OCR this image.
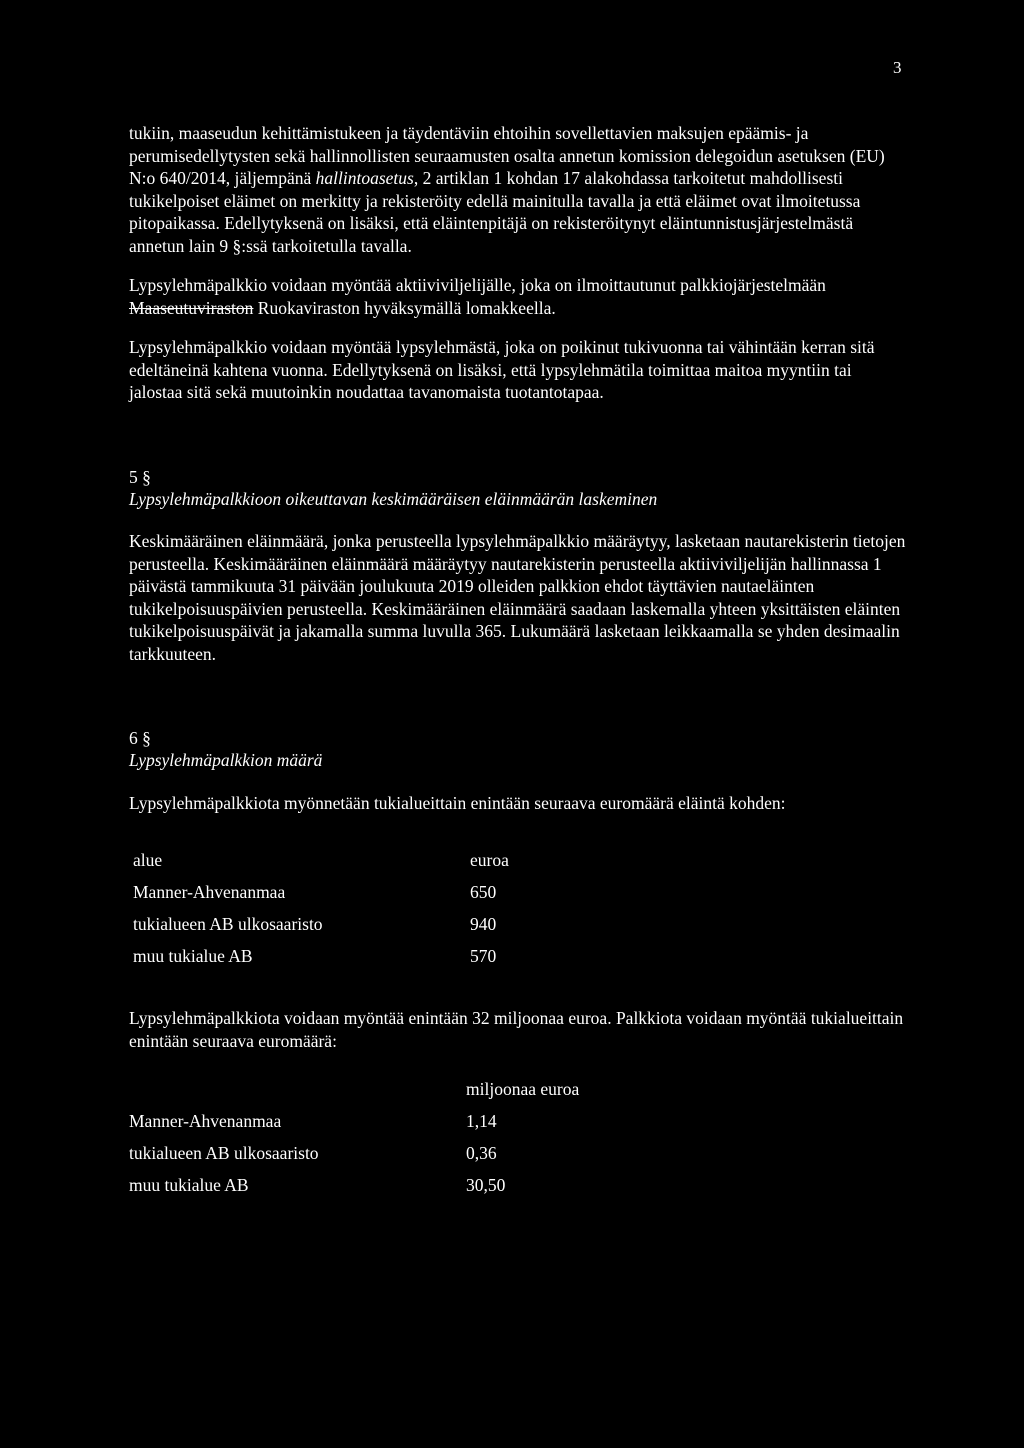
3

tukiin, maaseudun kehittämistukeen ja täydentäviin ehtoihin sovellettavien maksujen epäämis- ja perumisedellytysten sekä hallinnollisten seuraamusten osalta annetun komission delegoidun asetuksen (EU) N:o 640/2014, jäljempänä hallintoasetus, 2 artiklan 1 kohdan 17 alakohdassa tarkoitetut mahdollisesti tukikelpoiset eläimet on merkitty ja rekisteröity edellä mainitulla tavalla ja että eläimet ovat ilmoitetussa pitopaikassa. Edellytyksenä on lisäksi, että eläintenpitäjä on rekisteröitynyt eläintunnistusjärjestelmästä annetun lain 9 §:ssä tarkoitetulla tavalla.

Lypsylehmäpalkkio voidaan myöntää aktiiviviljelijälle, joka on ilmoittautunut palkkiojärjestelmään Maaseutuviraston Ruokaviraston hyväksymällä lomakkeella.

Lypsylehmäpalkkio voidaan myöntää lypsylehmästä, joka on poikinut tukivuonna tai vähintään kerran sitä edeltäneinä kahtena vuonna. Edellytyksenä on lisäksi, että lypsylehmätila toimittaa maitoa myyntiin tai jalostaa sitä sekä muutoinkin noudattaa tavanomaista tuotantotapaa.

5 §

Lypsylehmäpalkkioon oikeuttavan keskimääräisen eläinmäärän laskeminen

Keskimääräinen eläinmäärä, jonka perusteella lypsylehmäpalkkio määräytyy, lasketaan nautarekisterin tietojen perusteella. Keskimääräinen eläinmäärä määräytyy nautarekisterin perusteella aktiiviviljelijän hallinnassa 1 päivästä tammikuuta 31 päivään joulukuuta 2019 olleiden palkkion ehdot täyttävien nautaeläinten tukikelpoisuuspäivien perusteella. Keskimääräinen eläinmäärä saadaan laskemalla yhteen yksittäisten eläinten tukikelpoisuuspäivät ja jakamalla summa luvulla 365. Lukumäärä lasketaan leikkaamalla se yhden desimaalin tarkkuuteen.

6 §

Lypsylehmäpalkkion määrä

Lypsylehmäpalkkiota myönnetään tukialueittain enintään seuraava euromäärä eläintä kohden:

alue	euroa
Manner-Ahvenanmaa	650
tukialueen AB ulkosaaristo	940
muu tukialue AB	570

Lypsylehmäpalkkiota voidaan myöntää enintään 32 miljoonaa euroa. Palkkiota voidaan myöntää tukialueittain enintään seuraava euromäärä:

	miljoonaa euroa
Manner-Ahvenanmaa	1,14
tukialueen AB ulkosaaristo	0,36
muu tukialue AB	30,50
